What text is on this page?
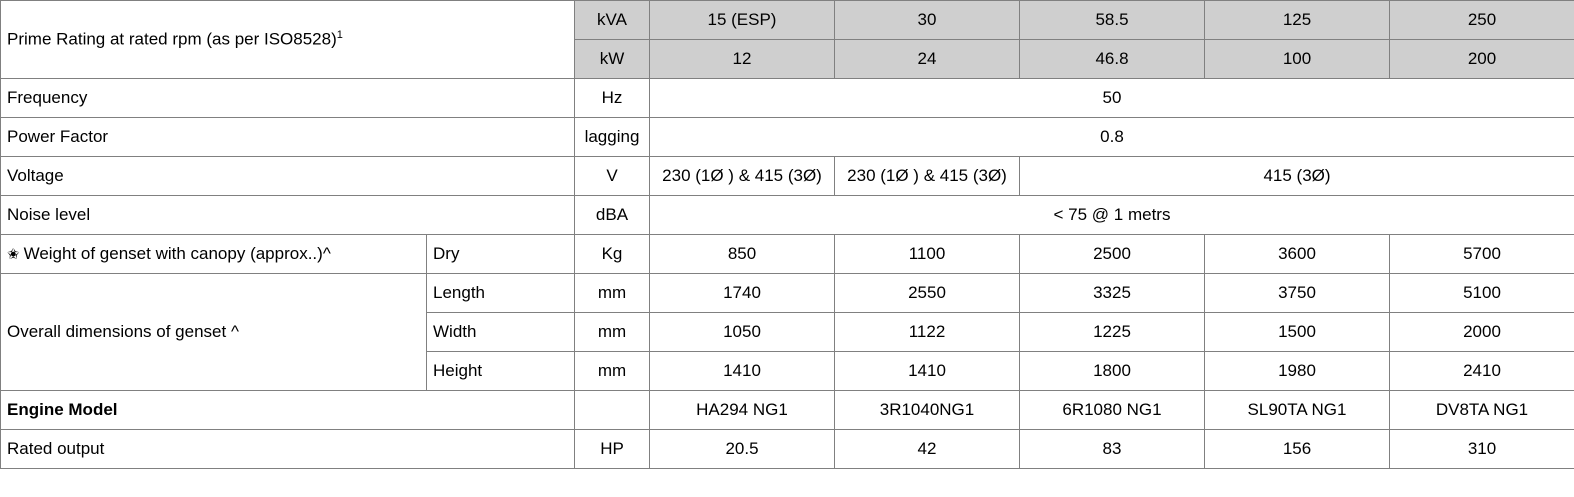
Prime Rating at rated rpm (as per ISO8528)$^1$		kVA	15 (ESP)	30	58.5	125	250
		kW	12	24	46.8	100	200
Frequency		Hz	50				
Power Factor		lagging	0.8				
Voltage		V	230 (1Ø ) & 415 (3Ø)	230 (1Ø ) & 415 (3Ø)	415 (3Ø)		
Noise level		dBA	< 75 @ 1 metrs				
✬ Weight of genset with canopy (approx..)^	Dry	Kg	850	1100	2500	3600	5700
Overall dimensions of genset ^	Length	mm	1740	2550	3325	3750	5100
	Width	mm	1050	1122	1225	1500	2000
	Height	mm	1410	1410	1800	1980	2410
Engine Model			HA294 NG1	3R1040NG1	6R1080 NG1	SL90TA NG1	DV8TA NG1
Rated output		HP	20.5	42	83	156	310
